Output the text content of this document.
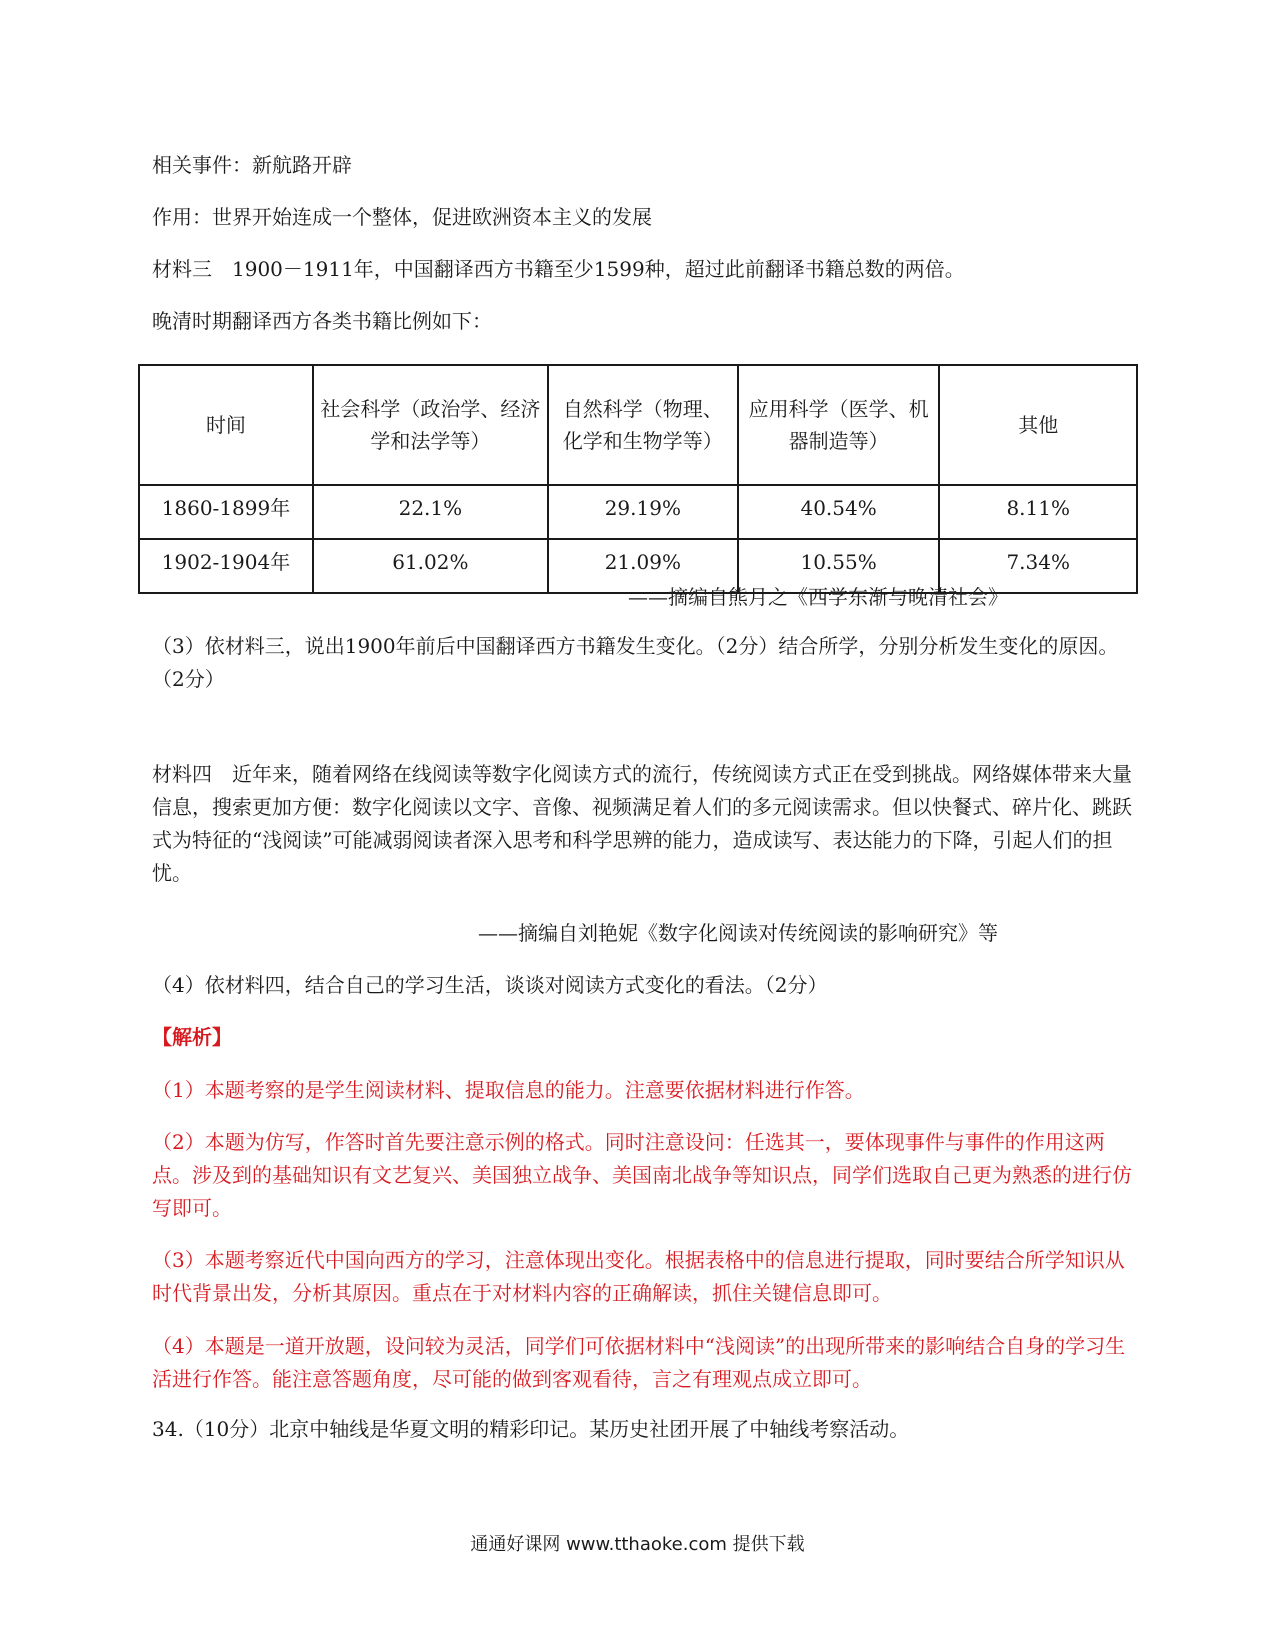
相关事件：新航路开辟

作用：世界开始连成一个整体，促进欧洲资本主义的发展

材料三　1900－1911年，中国翻译西方书籍至少1599种，超过此前翻译书籍总数的两倍。

晚清时期翻译西方各类书籍比例如下：

时间	社会科学（政治学、经济学和法学等）	自然科学（物理、化学和生物学等）	应用科学（医学、机器制造等）	其他
1860-1899年	22.1%	29.19%	40.54%	8.11%
1902-1904年	61.02%	21.09%	10.55%	7.34%

——摘编自熊月之《西学东渐与晚清社会》

（3）依材料三，说出1900年前后中国翻译西方书籍发生变化。（2分）结合所学，分别分析发生变化的原因。（2分）

材料四　近年来，随着网络在线阅读等数字化阅读方式的流行，传统阅读方式正在受到挑战。网络媒体带来大量信息，搜索更加方便：数字化阅读以文字、音像、视频满足着人们的多元阅读需求。但以快餐式、碎片化、跳跃式为特征的“浅阅读”可能减弱阅读者深入思考和科学思辨的能力，造成读写、表达能力的下降，引起人们的担忧。

——摘编自刘艳妮《数字化阅读对传统阅读的影响研究》等

（4）依材料四，结合自己的学习生活，谈谈对阅读方式变化的看法。（2分）

【解析】

（1）本题考察的是学生阅读材料、提取信息的能力。注意要依据材料进行作答。

（2）本题为仿写，作答时首先要注意示例的格式。同时注意设问：任选其一，要体现事件与事件的作用这两点。涉及到的基础知识有文艺复兴、美国独立战争、美国南北战争等知识点，同学们选取自己更为熟悉的进行仿写即可。

（3）本题考察近代中国向西方的学习，注意体现出变化。根据表格中的信息进行提取，同时要结合所学知识从时代背景出发，分析其原因。重点在于对材料内容的正确解读，抓住关键信息即可。

（4）本题是一道开放题，设问较为灵活，同学们可依据材料中“浅阅读”的出现所带来的影响结合自身的学习生活进行作答。能注意答题角度，尽可能的做到客观看待，言之有理观点成立即可。

34.（10分）北京中轴线是华夏文明的精彩印记。某历史社团开展了中轴线考察活动。

通通好课网 www.tthaoke.com 提供下载
